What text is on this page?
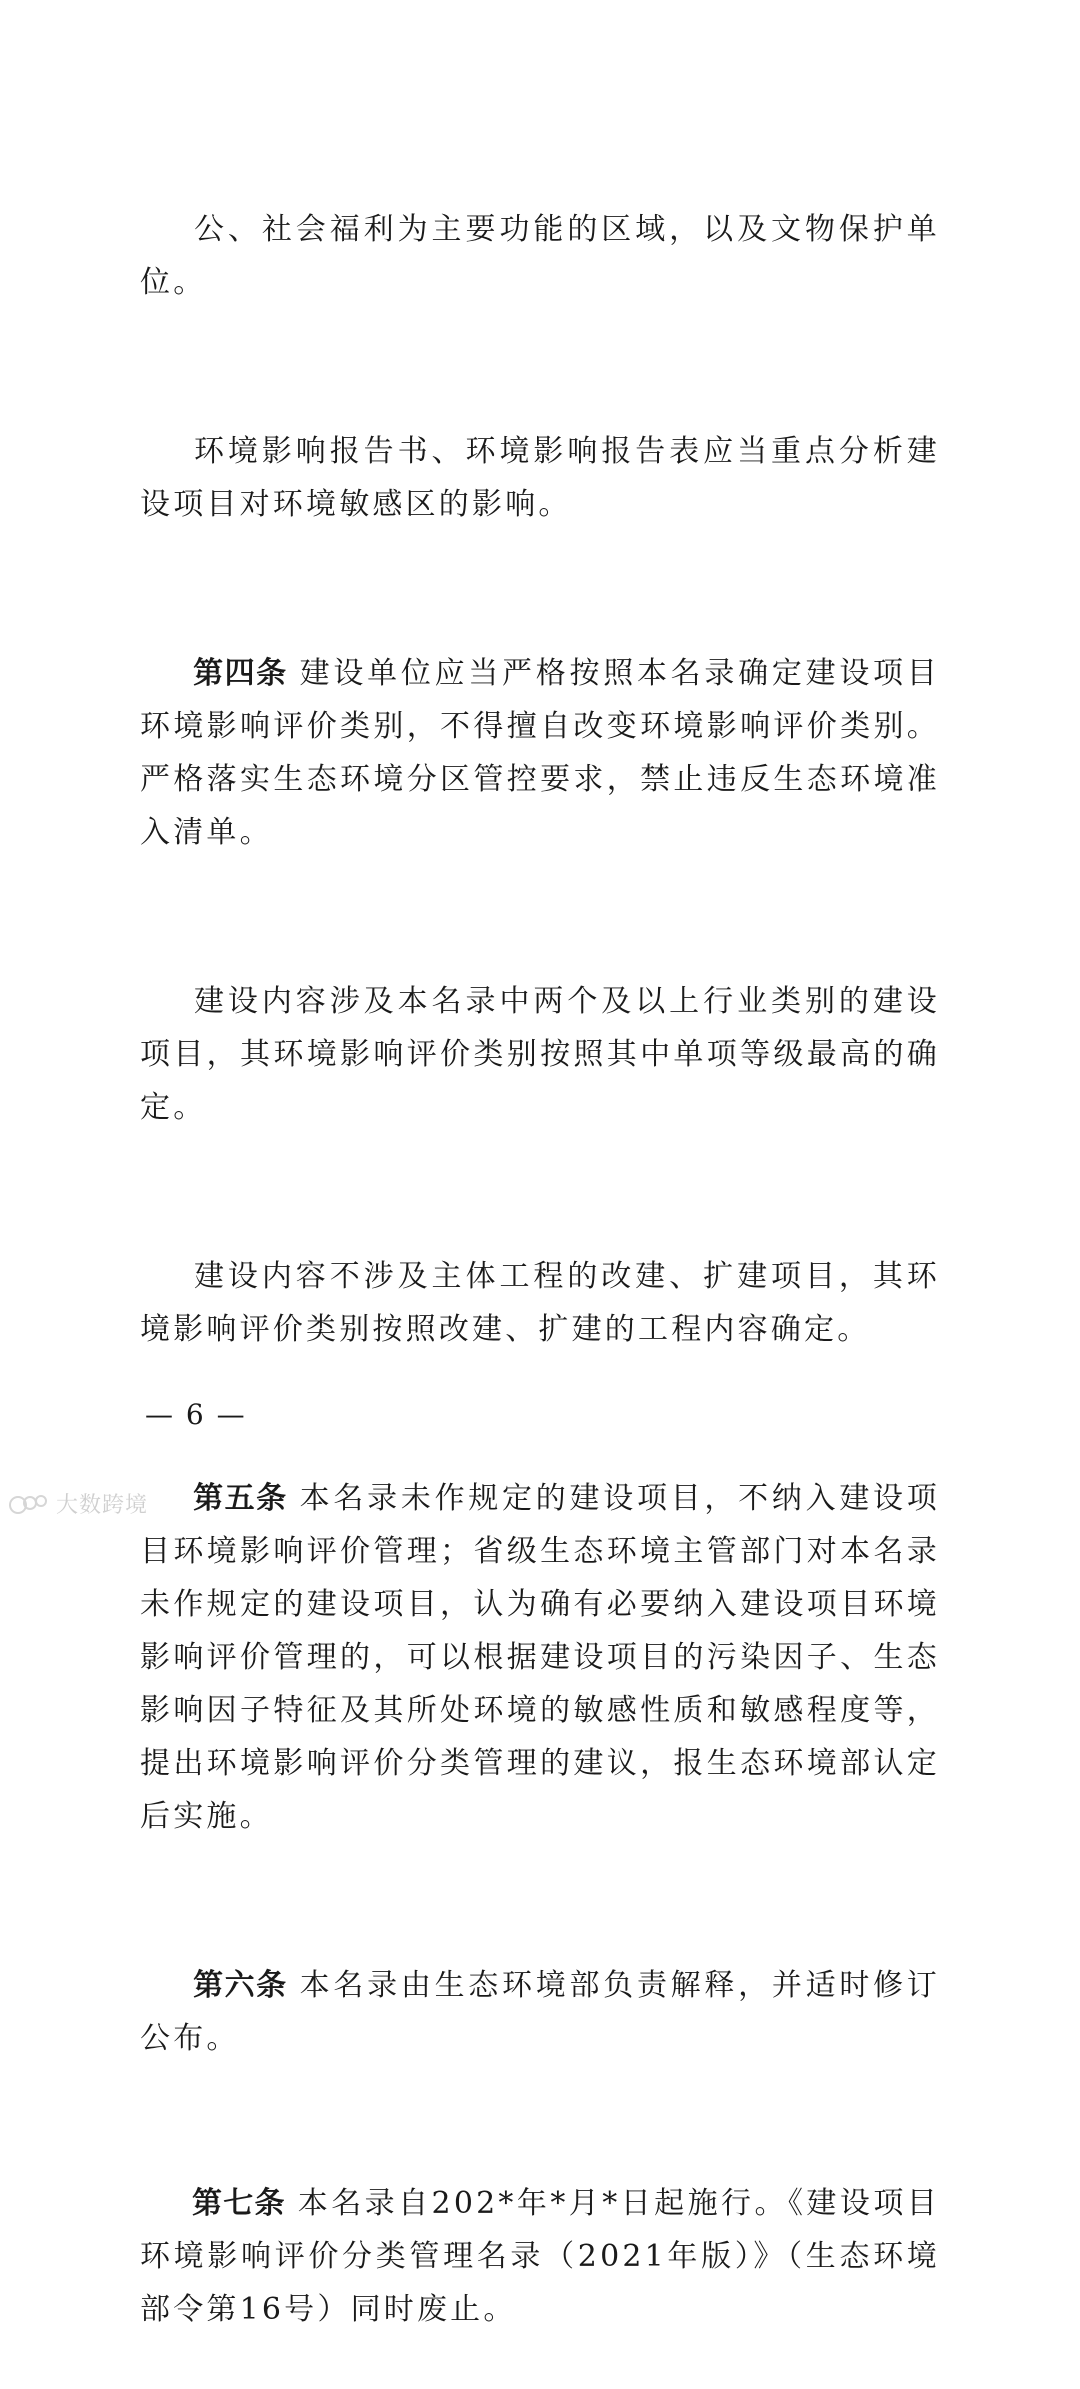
公、社会福利为主要功能的区域，以及文物保护单位。

环境影响报告书、环境影响报告表应当重点分析建设项目对环境敏感区的影响。

第四条 建设单位应当严格按照本名录确定建设项目环境影响评价类别，不得擅自改变环境影响评价类别。严格落实生态环境分区管控要求，禁止违反生态环境准入清单。

建设内容涉及本名录中两个及以上行业类别的建设项目，其环境影响评价类别按照其中单项等级最高的确定。

建设内容不涉及主体工程的改建、扩建项目，其环境影响评价类别按照改建、扩建的工程内容确定。

第五条 本名录未作规定的建设项目，不纳入建设项目环境影响评价管理；省级生态环境主管部门对本名录未作规定的建设项目，认为确有必要纳入建设项目环境影响评价管理的，可以根据建设项目的污染因子、生态影响因子特征及其所处环境的敏感性质和敏感程度等，提出环境影响评价分类管理的建议，报生态环境部认定后实施。

第六条 本名录由生态环境部负责解释，并适时修订公布。

第七条 本名录自202*年*月*日起施行。《建设项目环境影响评价分类管理名录（2021年版）》（生态环境部令第16号）同时废止。

— 6 —
大数跨境
